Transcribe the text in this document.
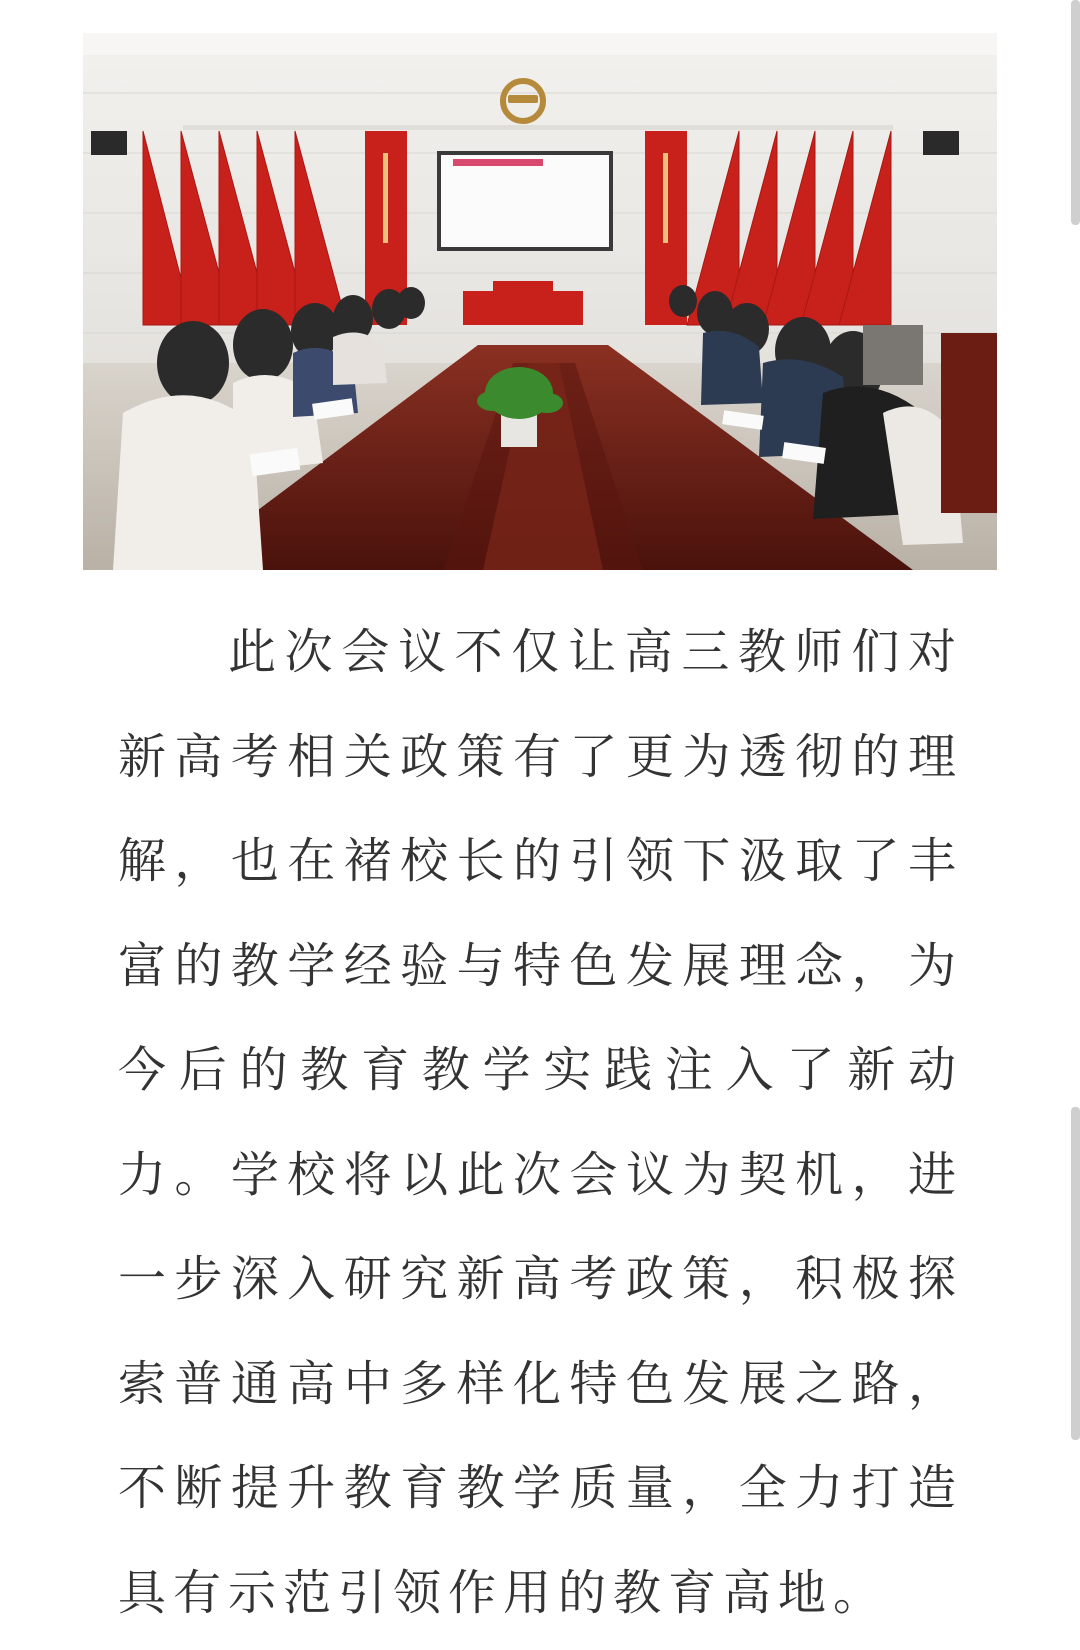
此次会议不仅让高三教师们对新高考相关政策有了更为透彻的理解，也在褚校长的引领下汲取了丰富的教学经验与特色发展理念，为今后的教育教学实践注入了新动力。学校将以此次会议为契机，进一步深入研究新高考政策，积极探索普通高中多样化特色发展之路，不断提升教育教学质量，全力打造具有示范引领作用的教育高地。
